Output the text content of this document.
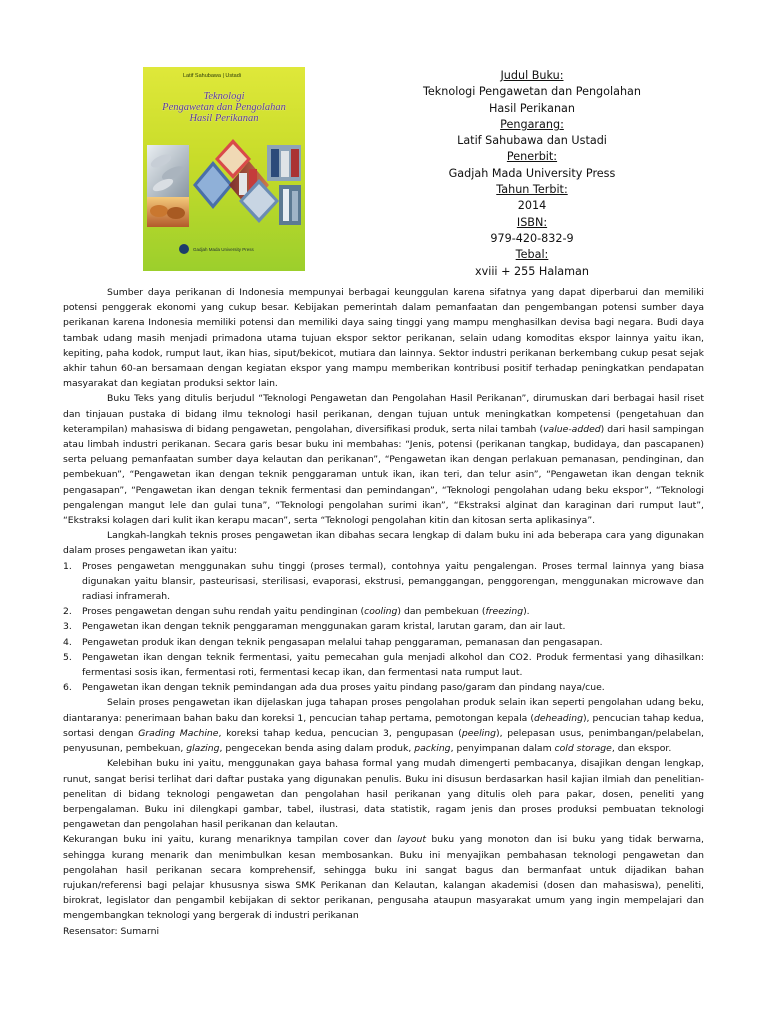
Latif Sahubawa | Ustadi
Teknologi
Pengawetan dan Pengolahan
Hasil Perikanan
Gadjah Mada University Press
Judul Buku:
Teknologi Pengawetan dan Pengolahan
Hasil Perikanan
Pengarang:
Latif Sahubawa dan Ustadi
Penerbit:
Gadjah Mada University Press
Tahun Terbit:
2014
ISBN:
979-420-832-9
Tebal:
xviii + 255 Halaman

Sumber daya perikanan di Indonesia mempunyai berbagai keunggulan karena sifatnya yang dapat diperbarui dan memiliki potensi penggerak ekonomi yang cukup besar. Kebijakan pemerintah dalam pemanfaatan dan pengembangan potensi sumber daya perikanan karena Indonesia memiliki potensi dan memiliki daya saing tinggi yang mampu menghasilkan devisa bagi negara. Budi daya tambak udang masih menjadi primadona utama tujuan ekspor sektor perikanan, selain udang komoditas ekspor lainnya yaitu ikan, kepiting, paha kodok, rumput laut, ikan hias, siput/bekicot, mutiara dan lainnya. Sektor industri perikanan berkembang cukup pesat sejak akhir tahun 60-an bersamaan dengan kegiatan ekspor yang mampu memberikan kontribusi positif terhadap peningkatkan pendapatan masyarakat dan kegiatan produksi sektor lain.

Buku Teks yang ditulis berjudul “Teknologi Pengawetan dan Pengolahan Hasil Perikanan”, dirumuskan dari berbagai hasil riset dan tinjauan pustaka di bidang ilmu teknologi hasil perikanan, dengan tujuan untuk meningkatkan kompetensi (pengetahuan dan keterampilan) mahasiswa di bidang pengawetan, pengolahan, diversifikasi produk, serta nilai tambah (value-added) dari hasil sampingan atau limbah industri perikanan. Secara garis besar buku ini membahas: “Jenis, potensi (perikanan tangkap, budidaya, dan pascapanen) serta peluang pemanfaatan sumber daya kelautan dan perikanan”, “Pengawetan ikan dengan perlakuan pemanasan, pendinginan, dan pembekuan”, “Pengawetan ikan dengan teknik penggaraman untuk ikan, ikan teri, dan telur asin”, “Pengawetan ikan dengan teknik pengasapan”, “Pengawetan ikan dengan teknik fermentasi dan pemindangan”, “Teknologi pengolahan udang beku ekspor”, “Teknologi pengalengan mangut lele dan gulai tuna”, “Teknologi pengolahan surimi ikan”, “Ekstraksi alginat dan karaginan dari rumput laut”, “Ekstraksi kolagen dari kulit ikan kerapu macan”, serta “Teknologi pengolahan kitin dan kitosan serta aplikasinya”.

Langkah-langkah teknis proses pengawetan ikan dibahas secara lengkap di dalam buku ini ada beberapa cara yang digunakan dalam proses pengawetan ikan yaitu:

1. Proses pengawetan menggunakan suhu tinggi (proses termal), contohnya yaitu pengalengan. Proses termal lainnya yang biasa digunakan yaitu blansir, pasteurisasi, sterilisasi, evaporasi, ekstrusi, pemanggangan, penggorengan, menggunakan microwave dan radiasi inframerah.
2. Proses pengawetan dengan suhu rendah yaitu pendinginan (cooling) dan pembekuan (freezing).
3. Pengawetan ikan dengan teknik penggaraman menggunakan garam kristal, larutan garam, dan air laut.
4. Pengawetan produk ikan dengan teknik pengasapan melalui tahap penggaraman, pemanasan dan pengasapan.
5. Pengawetan ikan dengan teknik fermentasi, yaitu pemecahan gula menjadi alkohol dan CO2. Produk fermentasi yang dihasilkan: fermentasi sosis ikan, fermentasi roti, fermentasi kecap ikan, dan fermentasi nata rumput laut.
6. Pengawetan ikan dengan teknik pemindangan ada dua proses yaitu pindang paso/garam dan pindang naya/cue.

Selain proses pengawetan ikan dijelaskan juga tahapan proses pengolahan produk selain ikan seperti pengolahan udang beku, diantaranya: penerimaan bahan baku dan koreksi 1, pencucian tahap pertama, pemotongan kepala (deheading), pencucian tahap kedua, sortasi dengan Grading Machine, koreksi tahap kedua, pencucian 3, pengupasan (peeling), pelepasan usus, penimbangan/pelabelan, penyusunan, pembekuan, glazing, pengecekan benda asing dalam produk, packing, penyimpanan dalam cold storage, dan ekspor.

Kelebihan buku ini yaitu, menggunakan gaya bahasa formal yang mudah dimengerti pembacanya, disajikan dengan lengkap, runut, sangat berisi terlihat dari daftar pustaka yang digunakan penulis. Buku ini disusun berdasarkan hasil kajian ilmiah dan penelitian-penelitan di bidang teknologi pengawetan dan pengolahan hasil perikanan yang ditulis oleh para pakar, dosen, peneliti yang berpengalaman. Buku ini dilengkapi gambar, tabel, ilustrasi, data statistik, ragam jenis dan proses produksi pembuatan teknologi pengawetan dan pengolahan hasil perikanan dan kelautan.

Kekurangan buku ini yaitu, kurang menariknya tampilan cover dan layout buku yang monoton dan isi buku yang tidak berwarna, sehingga kurang menarik dan menimbulkan kesan membosankan. Buku ini menyajikan pembahasan teknologi pengawetan dan pengolahan hasil perikanan secara komprehensif, sehingga buku ini sangat bagus dan bermanfaat untuk dijadikan bahan rujukan/referensi bagi pelajar khususnya siswa SMK Perikanan dan Kelautan, kalangan akademisi (dosen dan mahasiswa), peneliti, birokrat, legislator dan pengambil kebijakan di sektor perikanan, pengusaha ataupun masyarakat umum yang ingin mempelajari dan mengembangkan teknologi yang bergerak di industri perikanan

Resensator: Sumarni
